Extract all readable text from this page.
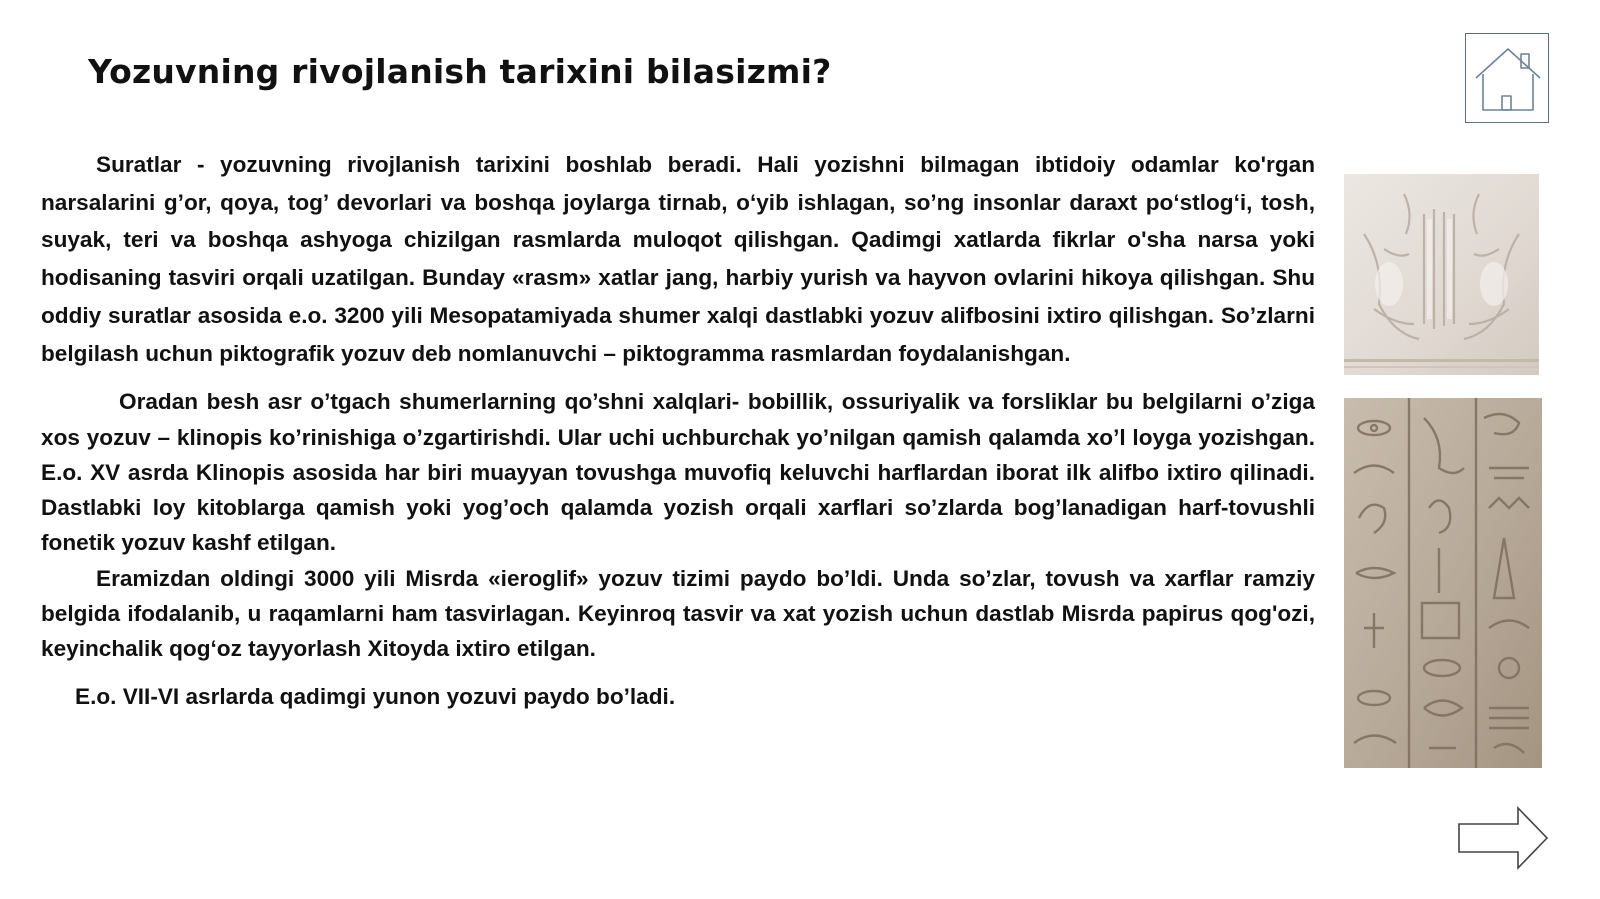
Yozuvning rivojlanish tarixini bilasizmi?

Suratlar - yozuvning rivojlanish tarixini boshlab beradi. Hali yozishni bilmagan ibtidoiy odamlar ko'rgan narsalarini g’or, qoya, tog’ devorlari va boshqa joylarga tirnab, o‘yib ishlagan, so’ng insonlar daraxt po‘stlog‘i, tosh, suyak, teri va boshqa ashyoga chizilgan rasmlarda muloqot qilishgan. Qadimgi xatlarda fikrlar o'sha narsa yoki hodisaning tasviri orqali uzatilgan. Bunday «rasm» xatlar jang, harbiy yurish va hayvon ovlarini hikoya qilishgan. Shu oddiy suratlar asosida e.o. 3200 yili Mesopatamiyada shumer xalqi dastlabki yozuv alifbosini ixtiro qilishgan. So’zlarni belgilash uchun piktografik yozuv deb nomlanuvchi – piktogramma rasmlardan foydalanishgan.

Oradan besh asr o’tgach shumerlarning qo’shni xalqlari- bobillik, ossuriyalik va forsliklar bu belgilarni o’ziga xos yozuv – klinopis ko’rinishiga o’zgartirishdi. Ular uchi uchburchak yo’nilgan qamish qalamda xo’l loyga yozishgan. E.o. XV asrda Klinopis asosida har biri muayyan tovushga muvofiq keluvchi harflardan iborat ilk alifbo ixtiro qilinadi. Dastlabki loy kitoblarga qamish yoki yog’och qalamda yozish orqali xarflari so’zlarda bog’lanadigan harf-tovushli fonetik yozuv kashf etilgan.

Eramizdan oldingi 3000 yili Misrda «ieroglif» yozuv tizimi paydo bo’ldi. Unda so’zlar, tovush va xarflar ramziy belgida ifodalanib, u raqamlarni ham tasvirlagan. Keyinroq tasvir va xat yozish uchun dastlab Misrda papirus qog'ozi, keyinchalik qog‘oz tayyorlash Xitoyda ixtiro etilgan.

E.o. VII-VI asrlarda qadimgi yunon yozuvi paydo bo’ladi.
